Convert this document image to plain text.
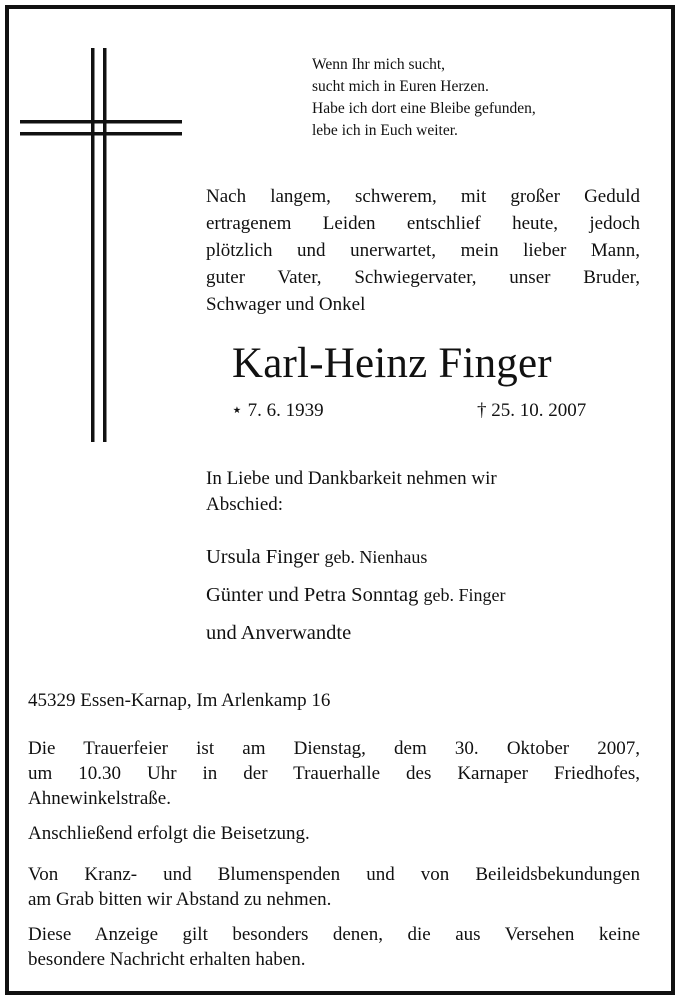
Wenn Ihr mich sucht,
sucht mich in Euren Herzen.
Habe ich dort eine Bleibe gefunden,
lebe ich in Euch weiter.
Nach langem, schwerem, mit großer Geduld
ertragenem Leiden entschlief heute, jedoch
plötzlich und unerwartet, mein lieber Mann,
guter Vater, Schwiegervater, unser Bruder,
Schwager und Onkel
Karl-Heinz Finger
⋆ 7. 6. 1939	† 25. 10. 2007
In Liebe und Dankbarkeit nehmen wir
Abschied:
Ursula Finger geb. Nienhaus
Günter und Petra Sonntag geb. Finger
und Anverwandte
45329 Essen-Karnap, Im Arlenkamp 16
Die Trauerfeier ist am Dienstag, dem 30. Oktober 2007,
um 10.30 Uhr in der Trauerhalle des Karnaper Friedhofes,
Ahnewinkelstraße.
Anschließend erfolgt die Beisetzung.
Von Kranz- und Blumenspenden und von Beileidsbekundungen
am Grab bitten wir Abstand zu nehmen.
Diese Anzeige gilt besonders denen, die aus Versehen keine
besondere Nachricht erhalten haben.
